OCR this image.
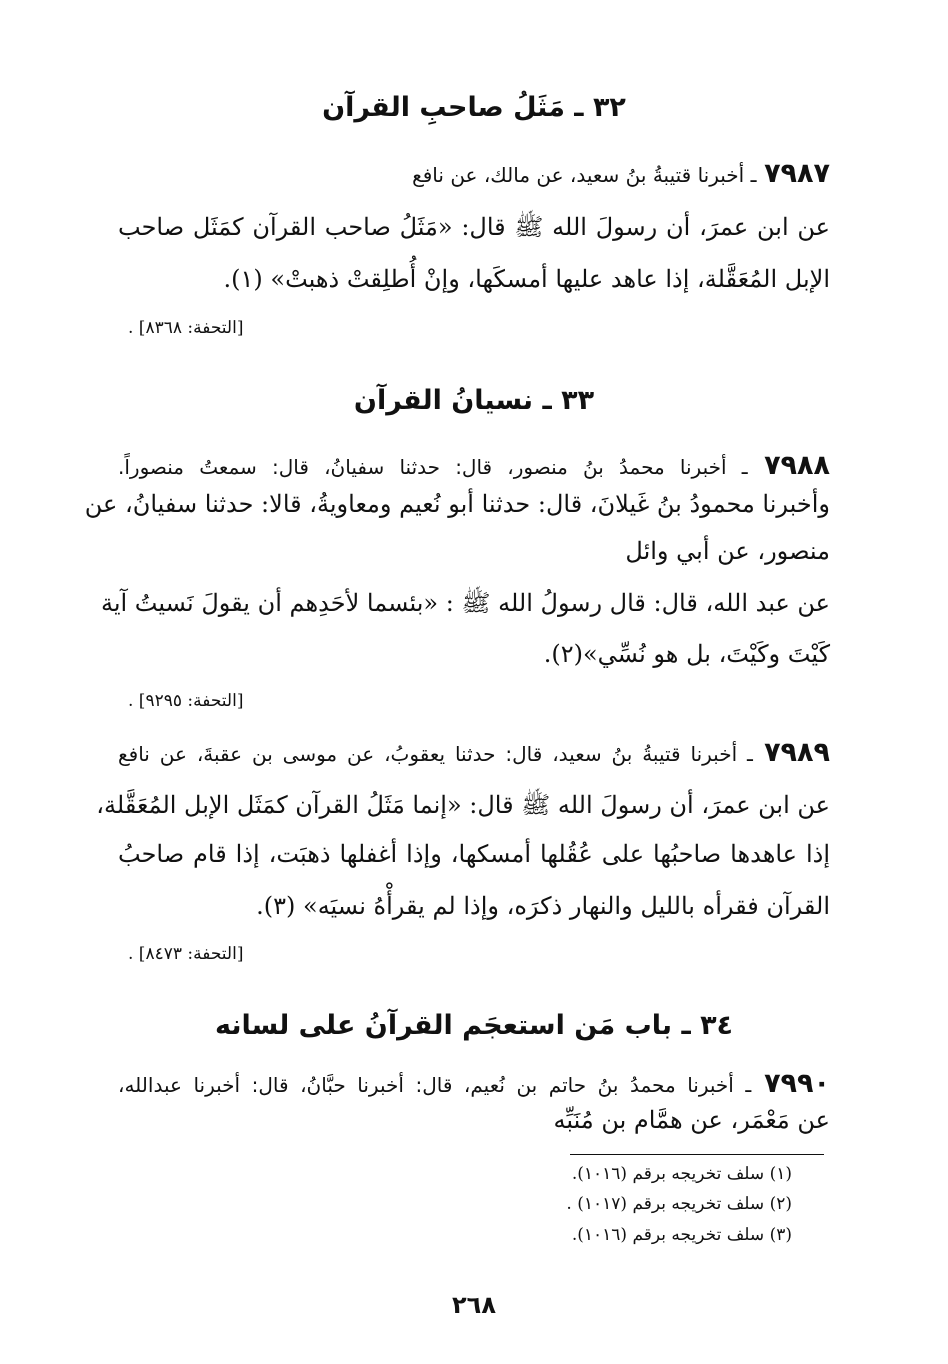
٣٢ ـ مَثَلُ صاحبِ القرآن
٧٩٨٧ ـ أخبرنا قتيبةُ بنُ سعيد، عن مالك، عن نافع
عن ابن عمرَ، أن رسولَ الله ﷺ قال: «مَثَلُ صاحب القرآن كمَثَل صاحب
الإبل المُعَقَّلة، إذا عاهد عليها أمسكَها، وإنْ أُطلِقتْ ذهبتْ» (١).
[التحفة: ٨٣٦٨] .
٣٣ ـ نسيانُ القرآن
٧٩٨٨ ـ أخبرنا محمدُ بنُ منصور، قال: حدثنا سفيانُ، قال: سمعتُ منصوراً.
وأخبرنا محمودُ بنُ غَيلانَ، قال: حدثنا أبو نُعيم ومعاويةُ، قالا: حدثنا سفيانُ، عن
منصور، عن أبي وائل
عن عبد الله، قال: قال رسولُ الله ﷺ : «بئسما لأحَدِهم أن يقولَ نَسيتُ آية
كَيْتَ وكَيْتَ، بل هو نُسِّي»(٢).
[التحفة: ٩٢٩٥] .
٧٩٨٩ ـ أخبرنا قتيبةُ بنُ سعيد، قال: حدثنا يعقوبُ، عن موسى بن عقبةَ، عن نافع
عن ابن عمرَ، أن رسولَ الله ﷺ قال: «إنما مَثَلُ القرآن كمَثَل الإبل المُعَقَّلة،
إذا عاهدها صاحبُها على عُقُلها أمسكها، وإذا أغفلها ذهبَت، إذا قام صاحبُ
القرآن فقرأه بالليل والنهار ذكرَه، وإذا لم يقرأْهُ نسيَه» (٣).
[التحفة: ٨٤٧٣] .
٣٤ ـ باب مَن استعجَم القرآنُ على لسانه
٧٩٩٠ ـ أخبرنا محمدُ بنُ حاتم بن نُعيم، قال: أخبرنا حبَّانُ، قال: أخبرنا عبدالله،
عن مَعْمَر، عن همَّام بن مُنَبِّه
(١) سلف تخريجه برقم (١٠١٦).
(٢) سلف تخريجه برقم (١٠١٧) .
(٣) سلف تخريجه برقم (١٠١٦).
٢٦٨
